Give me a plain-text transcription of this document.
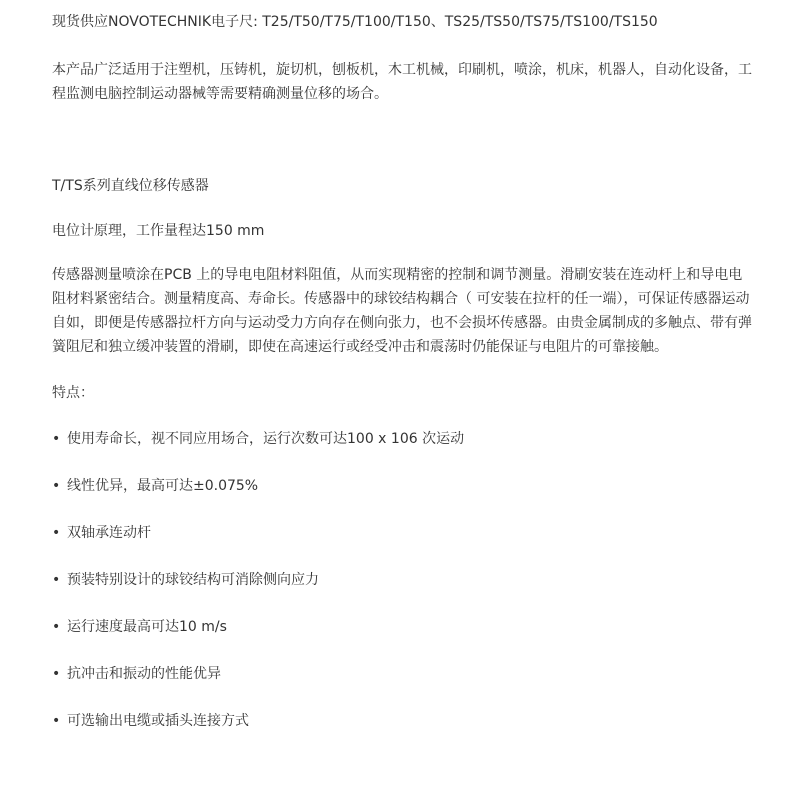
现货供应NOVOTECHNIK电子尺: T25/T50/T75/T100/T150、TS25/TS50/TS75/TS100/TS150

本产品广泛适用于注塑机，压铸机，旋切机，刨板机，木工机械，印刷机，喷涂，机床，机器人，自动化设备，工程监测电脑控制运动器械等需要精确测量位移的场合。

T/TS系列直线位移传感器

电位计原理，工作量程达150 mm

传感器测量喷涂在PCB 上的导电电阻材料阻值，从而实现精密的控制和调节测量。滑刷安装在连动杆上和导电电阻材料紧密结合。测量精度高、寿命长。传感器中的球铰结构耦合（ 可安装在拉杆的任一端），可保证传感器运动自如，即便是传感器拉杆方向与运动受力方向存在侧向张力，也不会损坏传感器。由贵金属制成的多触点、带有弹簧阻尼和独立缓冲装置的滑刷，即使在高速运行或经受冲击和震荡时仍能保证与电阻片的可靠接触。

特点：

• 使用寿命长，视不同应用场合，运行次数可达100 x 106 次运动
• 线性优异，最高可达±0.075%
• 双轴承连动杆
• 预装特别设计的球铰结构可消除侧向应力
• 运行速度最高可达10 m/s
• 抗冲击和振动的性能优异
• 可选输出电缆或插头连接方式
